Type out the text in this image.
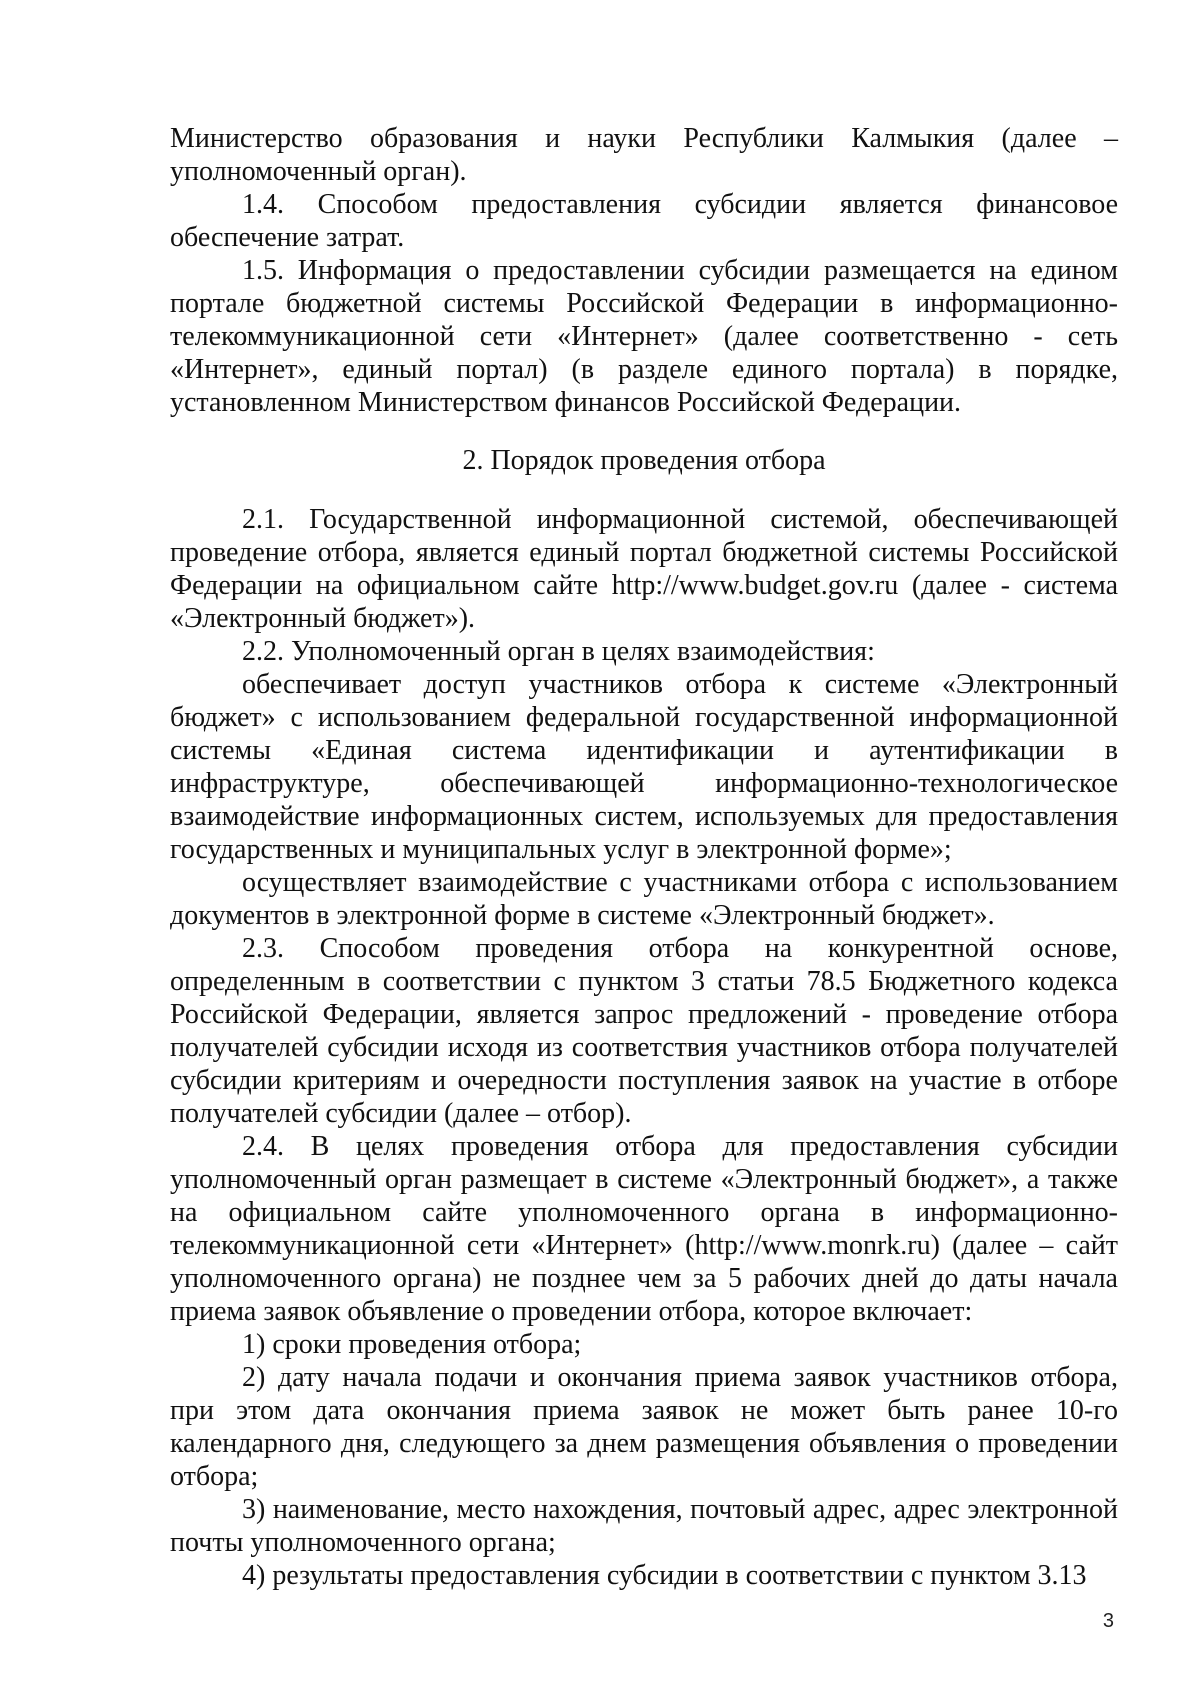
Министерство образования и науки Республики Калмыкия (далее – уполномоченный орган).

1.4. Способом предоставления субсидии является финансовое обеспечение затрат.

1.5. Информация о предоставлении субсидии размещается на едином портале бюджетной системы Российской Федерации в информационно-телекоммуникационной сети «Интернет» (далее соответственно - сеть «Интернет», единый портал) (в разделе единого портала) в порядке, установленном Министерством финансов Российской Федерации.

2. Порядок проведения отбора

2.1. Государственной информационной системой, обеспечивающей проведение отбора, является единый портал бюджетной системы Российской Федерации на официальном сайте http://www.budget.gov.ru (далее - система «Электронный бюджет»).

2.2. Уполномоченный орган в целях взаимодействия:

обеспечивает доступ участников отбора к системе «Электронный бюджет» с использованием федеральной государственной информационной системы «Единая система идентификации и аутентификации в инфраструктуре, обеспечивающей информационно-технологическое взаимодействие информационных систем, используемых для предоставления государственных и муниципальных услуг в электронной форме»;

осуществляет взаимодействие с участниками отбора с использованием документов в электронной форме в системе «Электронный бюджет».

2.3. Способом проведения отбора на конкурентной основе, определенным в соответствии с пунктом 3 статьи 78.5 Бюджетного кодекса Российской Федерации, является запрос предложений - проведение отбора получателей субсидии исходя из соответствия участников отбора получателей субсидии критериям и очередности поступления заявок на участие в отборе получателей субсидии (далее – отбор).

2.4. В целях проведения отбора для предоставления субсидии уполномоченный орган размещает в системе «Электронный бюджет», а также на официальном сайте уполномоченного органа в информационно-телекоммуникационной сети «Интернет» (http://www.monrk.ru) (далее – сайт уполномоченного органа) не позднее чем за 5 рабочих дней до даты начала приема заявок объявление о проведении отбора, которое включает:

1) сроки проведения отбора;

2) дату начала подачи и окончания приема заявок участников отбора, при этом дата окончания приема заявок не может быть ранее 10-го календарного дня, следующего за днем размещения объявления о проведении отбора;

3) наименование, место нахождения, почтовый адрес, адрес электронной почты уполномоченного органа;

4) результаты предоставления субсидии в соответствии с пунктом 3.13

3
